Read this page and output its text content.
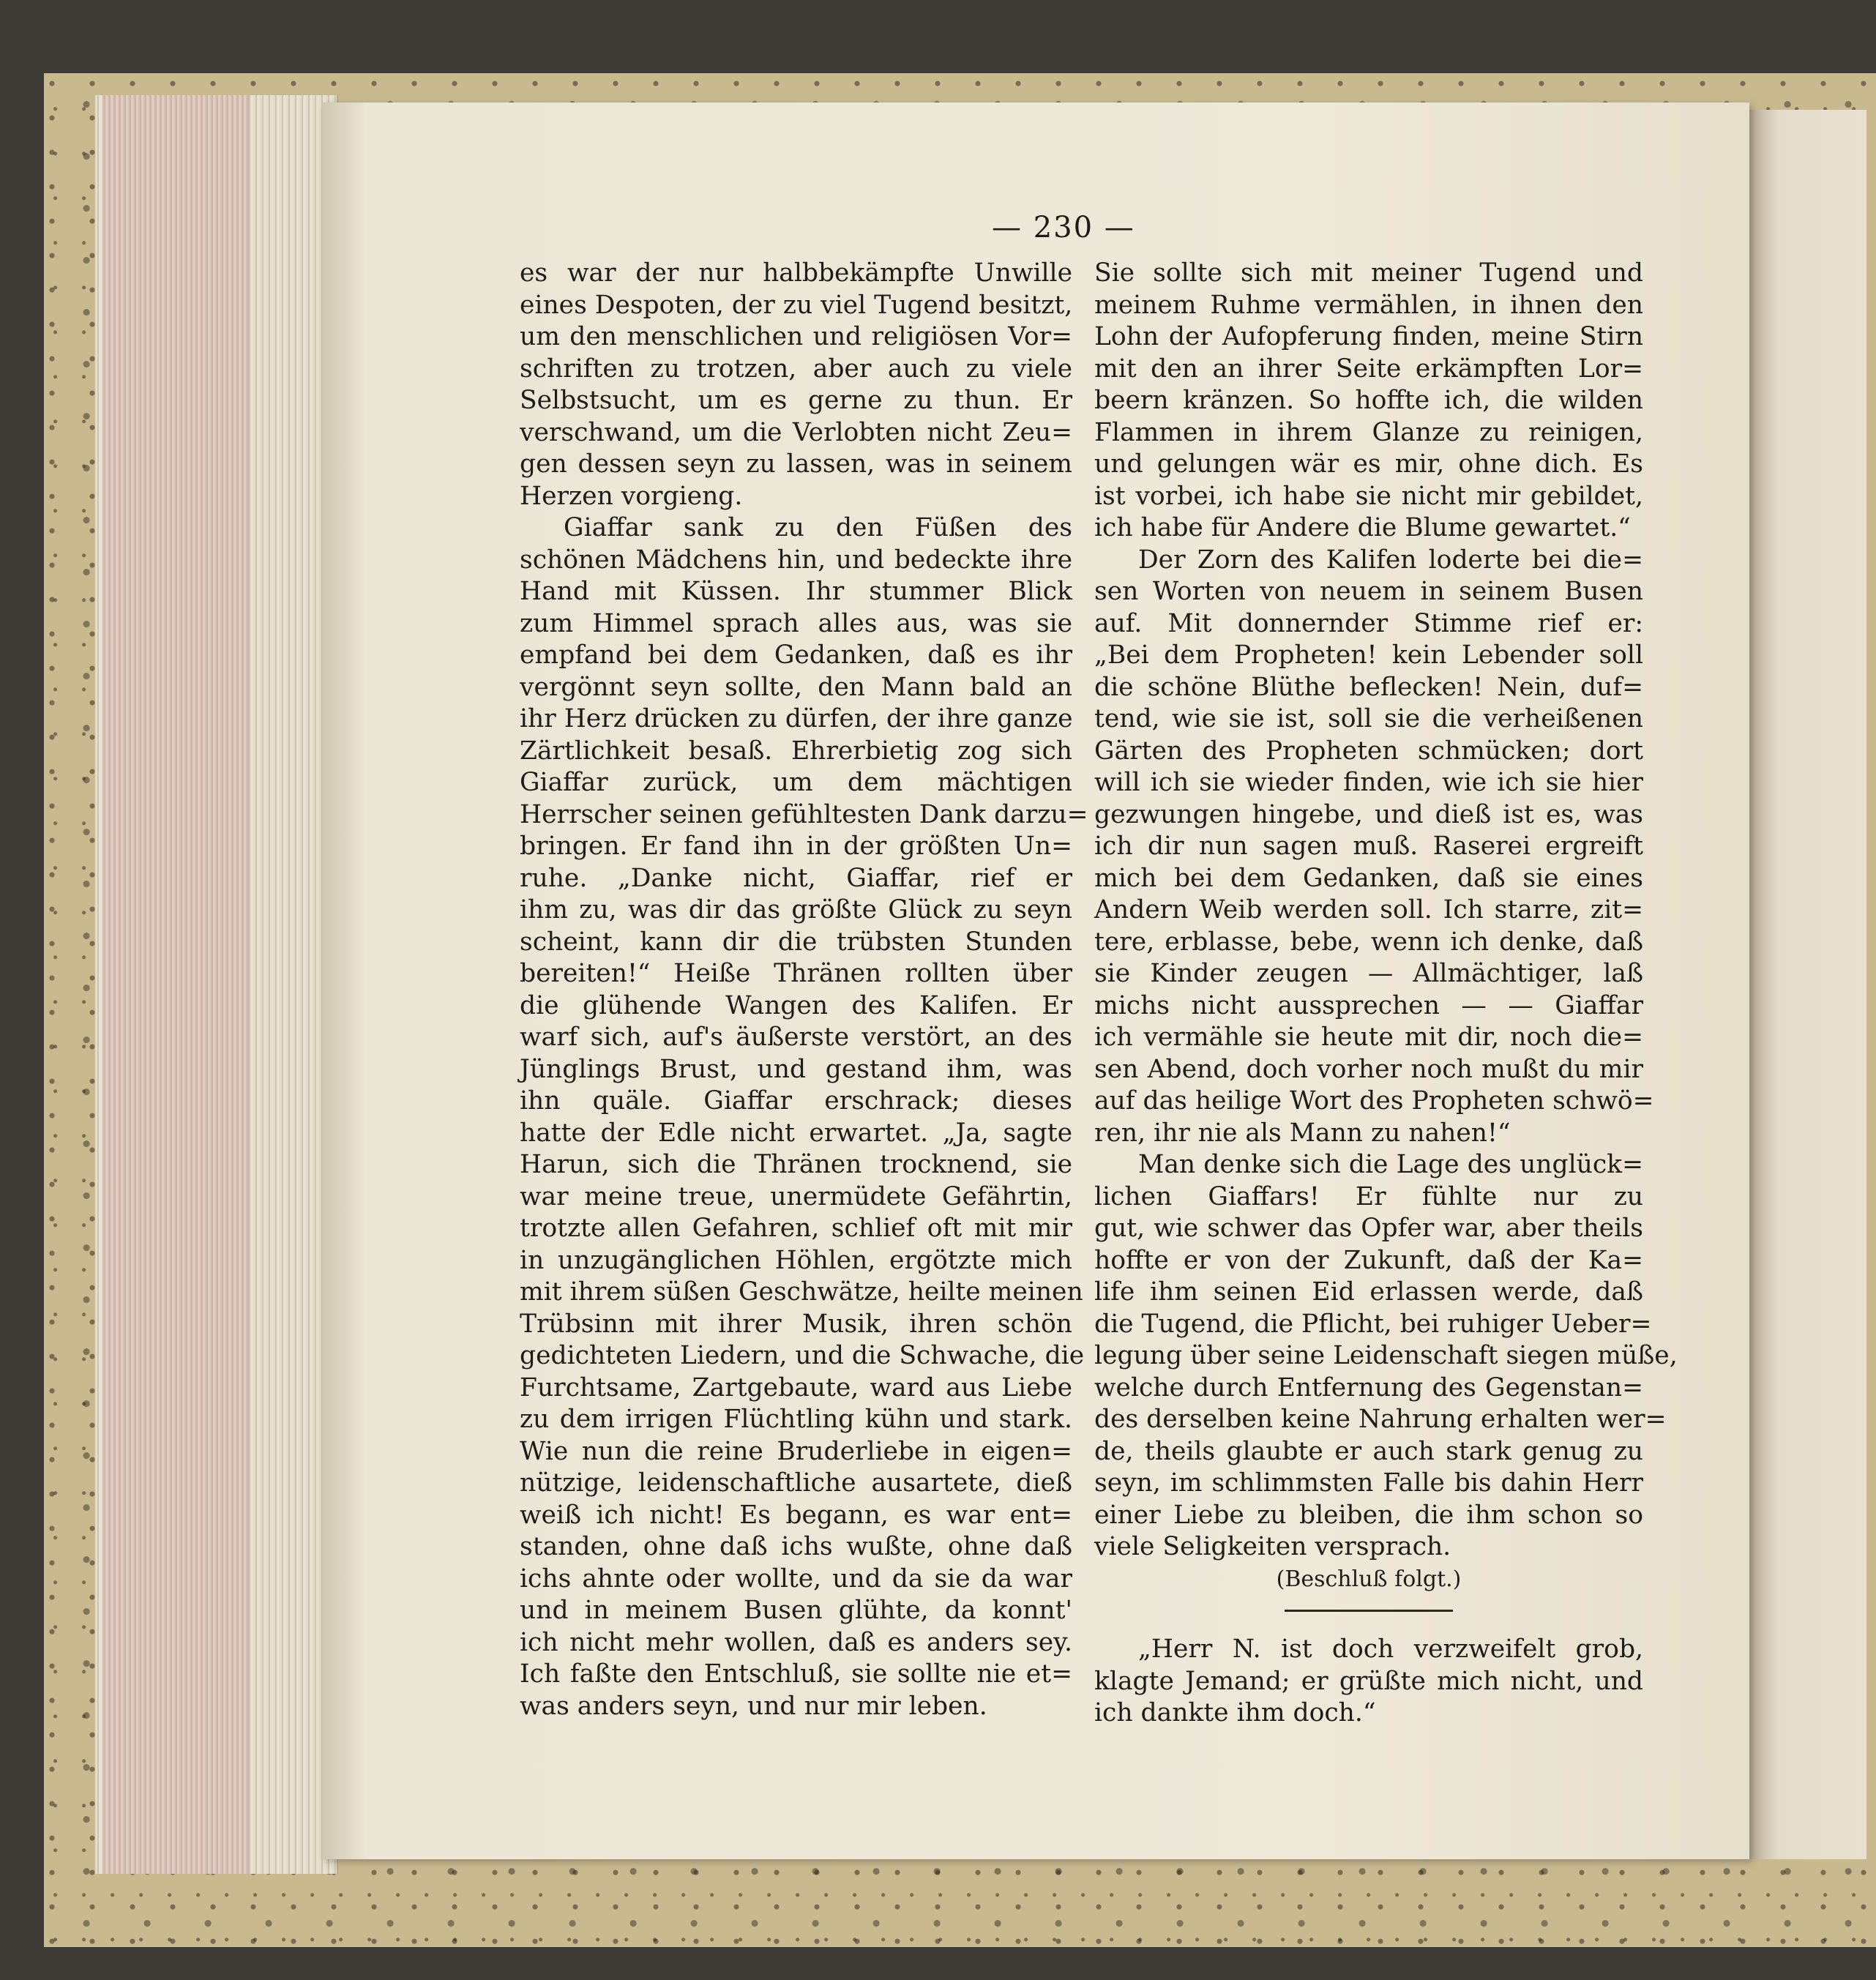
— 230 —
es war der nur halbbekämpfte Unwille
eines Despoten, der zu viel Tugend besitzt,
um den menschlichen und religiösen Vor=
schriften zu trotzen, aber auch zu viele
Selbstsucht, um es gerne zu thun. Er
verschwand, um die Verlobten nicht Zeu=
gen dessen seyn zu lassen, was in seinem
Herzen vorgieng.
Giaffar sank zu den Füßen des
schönen Mädchens hin, und bedeckte ihre
Hand mit Küssen. Ihr stummer Blick
zum Himmel sprach alles aus, was sie
empfand bei dem Gedanken, daß es ihr
vergönnt seyn sollte, den Mann bald an
ihr Herz drücken zu dürfen, der ihre ganze
Zärtlichkeit besaß. Ehrerbietig zog sich
Giaffar zurück, um dem mächtigen
Herrscher seinen gefühltesten Dank darzu=
bringen. Er fand ihn in der größten Un=
ruhe. „Danke nicht, Giaffar, rief er
ihm zu, was dir das größte Glück zu seyn
scheint, kann dir die trübsten Stunden
bereiten!“ Heiße Thränen rollten über
die glühende Wangen des Kalifen. Er
warf sich, auf's äußerste verstört, an des
Jünglings Brust, und gestand ihm, was
ihn quäle. Giaffar erschrack; dieses
hatte der Edle nicht erwartet. „Ja, sagte
Harun, sich die Thränen trocknend, sie
war meine treue, unermüdete Gefährtin,
trotzte allen Gefahren, schlief oft mit mir
in unzugänglichen Höhlen, ergötzte mich
mit ihrem süßen Geschwätze, heilte meinen
Trübsinn mit ihrer Musik, ihren schön
gedichteten Liedern, und die Schwache, die
Furchtsame, Zartgebaute, ward aus Liebe
zu dem irrigen Flüchtling kühn und stark.
Wie nun die reine Bruderliebe in eigen=
nützige, leidenschaftliche ausartete, dieß
weiß ich nicht! Es begann, es war ent=
standen, ohne daß ichs wußte, ohne daß
ichs ahnte oder wollte, und da sie da war
und in meinem Busen glühte, da konnt'
ich nicht mehr wollen, daß es anders sey.
Ich faßte den Entschluß, sie sollte nie et=
was anders seyn, und nur mir leben.
Sie sollte sich mit meiner Tugend und
meinem Ruhme vermählen, in ihnen den
Lohn der Aufopferung finden, meine Stirn
mit den an ihrer Seite erkämpften Lor=
beern kränzen. So hoffte ich, die wilden
Flammen in ihrem Glanze zu reinigen,
und gelungen wär es mir, ohne dich. Es
ist vorbei, ich habe sie nicht mir gebildet,
ich habe für Andere die Blume gewartet.“
Der Zorn des Kalifen loderte bei die=
sen Worten von neuem in seinem Busen
auf. Mit donnernder Stimme rief er:
„Bei dem Propheten! kein Lebender soll
die schöne Blüthe beflecken! Nein, duf=
tend, wie sie ist, soll sie die verheißenen
Gärten des Propheten schmücken; dort
will ich sie wieder finden, wie ich sie hier
gezwungen hingebe, und dieß ist es, was
ich dir nun sagen muß. Raserei ergreift
mich bei dem Gedanken, daß sie eines
Andern Weib werden soll. Ich starre, zit=
tere, erblasse, bebe, wenn ich denke, daß
sie Kinder zeugen — Allmächtiger, laß
michs nicht aussprechen — — Giaffar
ich vermähle sie heute mit dir, noch die=
sen Abend, doch vorher noch mußt du mir
auf das heilige Wort des Propheten schwö=
ren, ihr nie als Mann zu nahen!“
Man denke sich die Lage des unglück=
lichen Giaffars! Er fühlte nur zu
gut, wie schwer das Opfer war, aber theils
hoffte er von der Zukunft, daß der Ka=
life ihm seinen Eid erlassen werde, daß
die Tugend, die Pflicht, bei ruhiger Ueber=
legung über seine Leidenschaft siegen müße,
welche durch Entfernung des Gegenstan=
des derselben keine Nahrung erhalten wer=
de, theils glaubte er auch stark genug zu
seyn, im schlimmsten Falle bis dahin Herr
einer Liebe zu bleiben, die ihm schon so
viele Seligkeiten versprach.

(Beschluß folgt.)

„Herr N. ist doch verzweifelt grob,
klagte Jemand; er grüßte mich nicht, und
ich dankte ihm doch.“
